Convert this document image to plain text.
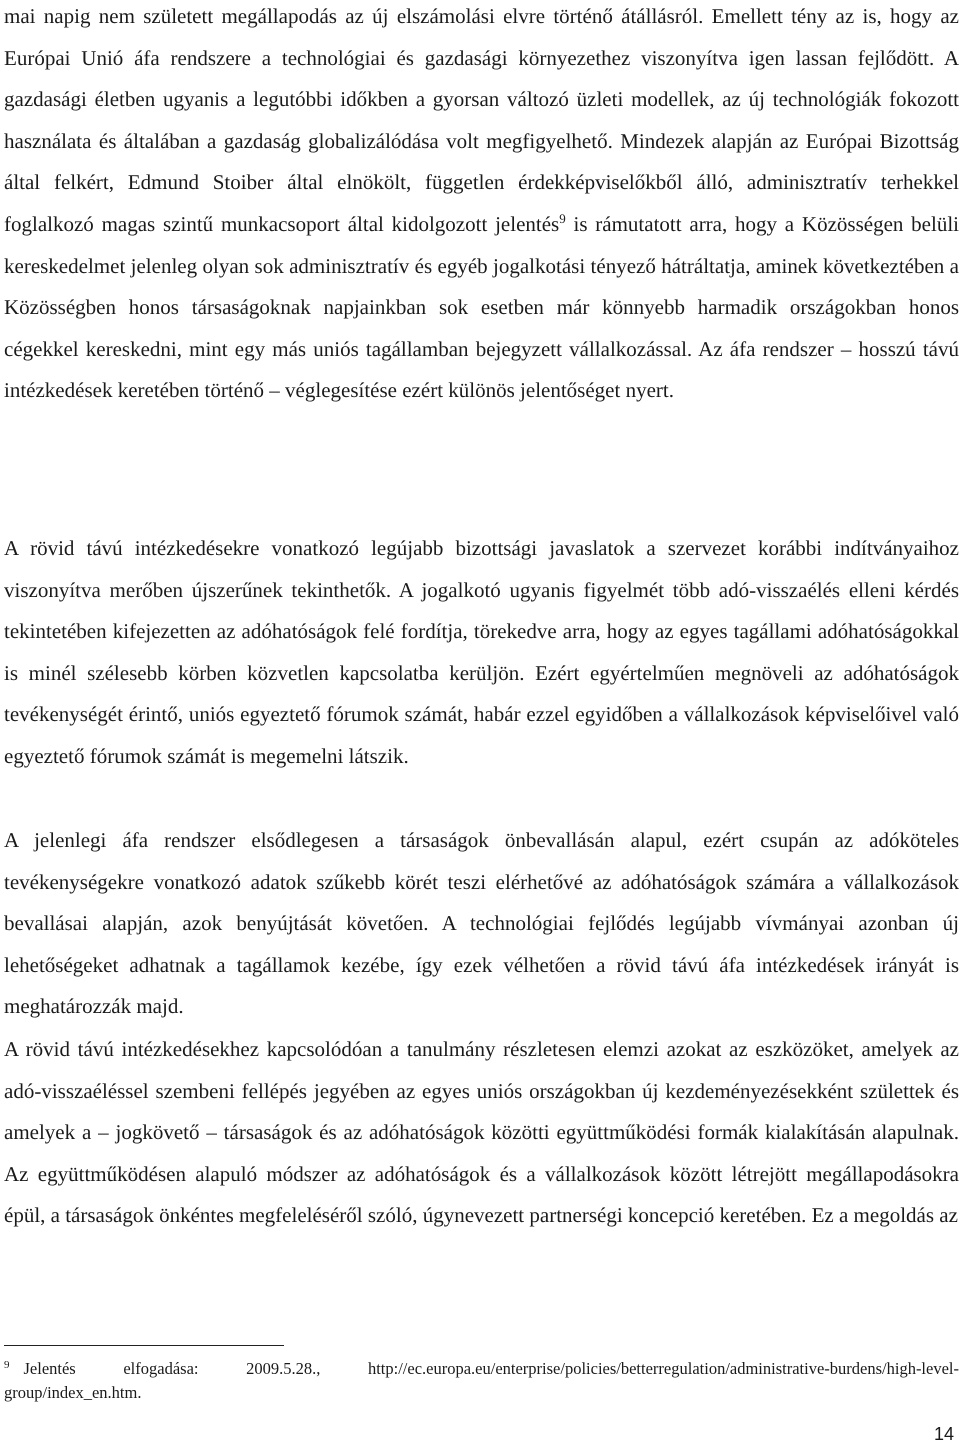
mai napig nem született megállapodás az új elszámolási elvre történő átállásról. Emellett tény az is, hogy az Európai Unió áfa rendszere a technológiai és gazdasági környezethez viszonyítva igen lassan fejlődött. A gazdasági életben ugyanis a legutóbbi időkben a gyorsan változó üzleti modellek, az új technológiák fokozott használata és általában a gazdaság globalizálódása volt megfigyelhető. Mindezek alapján az Európai Bizottság által felkért, Edmund Stoiber által elnökölt, független érdekképviselőkből álló, adminisztratív terhekkel foglalkozó magas szintű munkacsoport által kidolgozott jelentés$^9$ is rámutatott arra, hogy a Közösségen belüli kereskedelmet jelenleg olyan sok adminisztratív és egyéb jogalkotási tényező hátráltatja, aminek következtében a Közösségben honos társaságoknak napjainkban sok esetben már könnyebb harmadik országokban honos cégekkel kereskedni, mint egy más uniós tagállamban bejegyzett vállalkozással. Az áfa rendszer – hosszú távú intézkedések keretében történő – véglegesítése ezért különös jelentőséget nyert.

A rövid távú intézkedésekre vonatkozó legújabb bizottsági javaslatok a szervezet korábbi indítványaihoz viszonyítva merőben újszerűnek tekinthetők. A jogalkotó ugyanis figyelmét több adó-visszaélés elleni kérdés tekintetében kifejezetten az adóhatóságok felé fordítja, törekedve arra, hogy az egyes tagállami adóhatóságokkal is minél szélesebb körben közvetlen kapcsolatba kerüljön. Ezért egyértelműen megnöveli az adóhatóságok tevékenységét érintő, uniós egyeztető fórumok számát, habár ezzel egyidőben a vállalkozások képviselőivel való egyeztető fórumok számát is megemelni látszik.

A jelenlegi áfa rendszer elsődlegesen a társaságok önbevallásán alapul, ezért csupán az adóköteles tevékenységekre vonatkozó adatok szűkebb körét teszi elérhetővé az adóhatóságok számára a vállalkozások bevallásai alapján, azok benyújtását követően. A technológiai fejlődés legújabb vívmányai azonban új lehetőségeket adhatnak a tagállamok kezébe, így ezek vélhetően a rövid távú áfa intézkedések irányát is meghatározzák majd.

A rövid távú intézkedésekhez kapcsolódóan a tanulmány részletesen elemzi azokat az eszközöket, amelyek az adó-visszaéléssel szembeni fellépés jegyében az egyes uniós országokban új kezdeményezésekként születtek és amelyek a – jogkövető – társaságok és az adóhatóságok közötti együttműködési formák kialakításán alapulnak. Az együttműködésen alapuló módszer az adóhatóságok és a vállalkozások között létrejött megállapodásokra épül, a társaságok önkéntes megfeleléséről szóló, úgynevezett partnerségi koncepció keretében. Ez a megoldás az

$^9$ Jelentés elfogadása: 2009.5.28., http://ec.europa.eu/enterprise/policies/betterregulation/administrative-burdens/high-level-group/index_en.htm.
14
